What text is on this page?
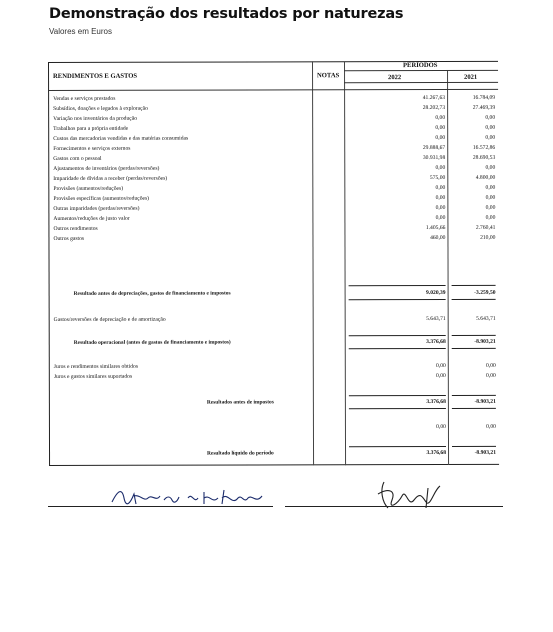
Demonstração dos resultados por naturezas
Valores em Euros
RENDIMENTOS E GASTOS	NOTAS
PERÍODOS
2022	2021
Vendas e serviços prestados	41.267,63	16.784,09
Subsídios, doações e legados à exploração	28.202,73	27.469,39
Variação nos inventários da produção	0,00	0,00
Trabalhos para a própria entidade	0,00	0,00
Custos das mercadorias vendidas e das matérias consumidas	0,00	0,00
Fornecimentos e serviços externos	29.888,67	16.572,86
Gastos com o pessoal	30.931,98	28.690,53
Ajustamentos de inventários (perdas/reversões)	0,00	0,00
Imparidade de dívidas a receber (perdas/reversões)	575,00	4.800,00
Provisões (aumentos/reduções)	0,00	0,00
Provisões específicas (aumentos/reduções)	0,00	0,00
Outras imparidades (perdas/reversões)	0,00	0,00
Aumentos/reduções de justo valor	0,00	0,00
Outros rendimentos	1.405,66	2.760,41
Outros gastos	460,00	210,00
Resultado antes de depreciações, gastos de financiamento e impostos	9.020,39	-3.259,50
Gastos/reversões de depreciação e de amortização	5.643,71	5.643,71
Resultado operacional (antes de gastos de financiamento e impostos)	3.376,68	-8.903,21
Juros e rendimentos similares obtidos	0,00	0,00
Juros e gastos similares suportados	0,00	0,00
Resultados antes de impostos	3.376,68	-8.903,21
0,00	0,00
Resultado líquido do período	3.376,68	-8.903,21
